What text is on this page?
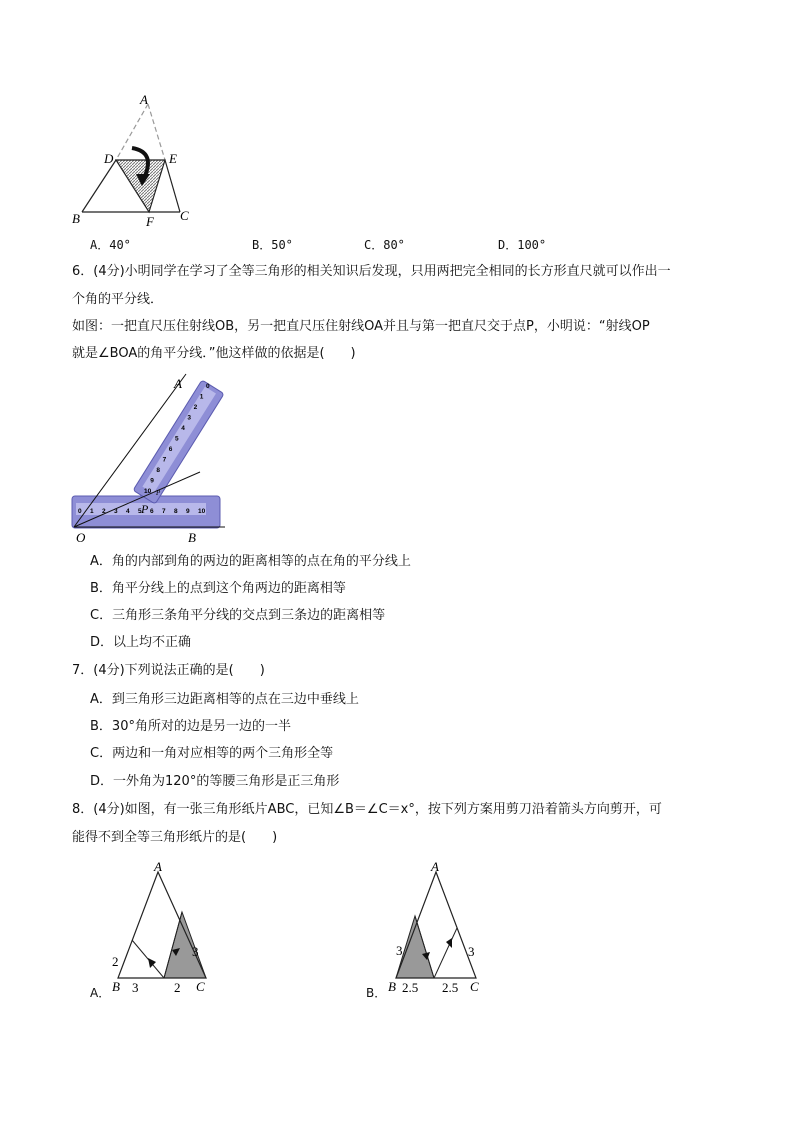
A
D	E
B	F C
A．40°	B．50°	C．80°	D．100°
6．(4分)小明同学在学习了全等三角形的相关知识后发现，只用两把完全相同的长方形直尺就可以作出一
个角的平分线．
如图：一把直尺压住射线OB，另一把直尺压住射线OA并且与第一把直尺交于点P，小明说：“射线OP
就是∠BOA的角平分线．”他这样做的依据是(　　)
0 1 2 3 4 5 6 7 8 9 10
0
1
2
3
4
5
6
7
8
9
10
A
O	B
P
P
A．角的内部到角的两边的距离相等的点在角的平分线上
B．角平分线上的点到这个角两边的距离相等
C．三角形三条角平分线的交点到三条边的距离相等
D．以上均不正确
7．(4分)下列说法正确的是(　　)
A．到三角形三边距离相等的点在三边中垂线上
B．30°角所对的边是另一边的一半
C．两边和一角对应相等的两个三角形全等
D．一外角为120°的等腰三角形是正三角形
8．(4分)如图，有一张三角形纸片ABC，已知∠B＝∠C＝x°，按下列方案用剪刀沿着箭头方向剪开，可
能得不到全等三角形纸片的是(　　)
A
B	C
2
3	2
3
A．
A
B	C
3
2.5 2.5
3
B．
